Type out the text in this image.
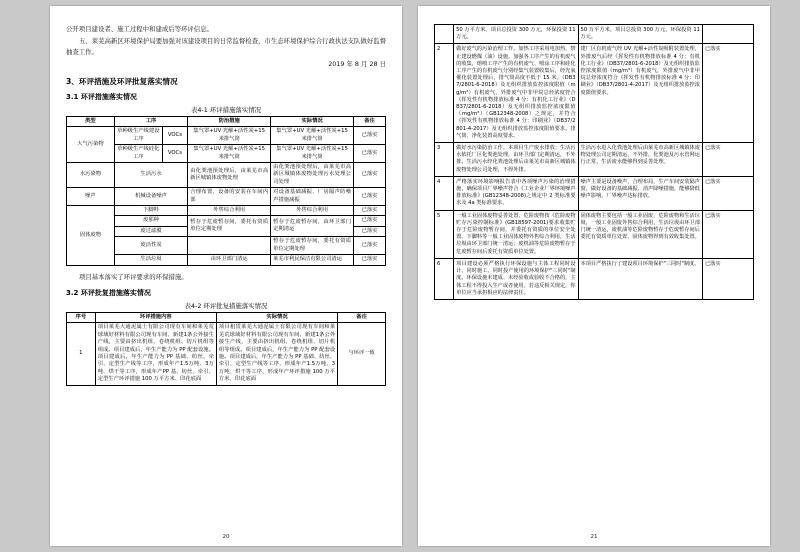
公开项目建设者、施工过程中和建成后等环评信息。

五、莱芜高新区环境保护局要加强对该建设项目的日常监督检查，市生态环境保护综合行政执法支队做好监督抽查工作。

2019 年 8 月 28 日

3、环评措施及环评批复落实情况
3.1 环评措施落实情况
表4-1 环评措施落实情况
类型	工序		防治措施	实际情况	备注
大气污染物	草种级生产线建设工序	VOCs	集气罩+UV 光解+活性炭+15 米排气筒	集气罩+UV 光解+活性炭+15 米排气筒	已落实
	草种级生产线硅化工序	VOCs	集气罩+UV 光解+活性炭+15 米排气筒	集气罩+UV 光解+活性炭+15 米排气筒	已落实
水污染物	生活污水		由化粪池预处理后，由莱芜市高新区城镇体废物处理	由化粪池预处理后，由莱芜市高新区城镇体废物处理污水处理公司处理	已落实
噪声	机械设备噪声		合理布置，设备的安装在车间内部	对设备基础减振、厂房隔声防噪声措施减振	已落实
固体废物	下脚料		外售综合利用	外售综合利用	已落实
	废那种		暂存于危废暂存间，委托有资质单位定期处理	暂存于危废暂存间，由环卫部门定期清运	已落实
	废过滤膜				已落实
	废活性炭			暂存于危废暂存间，委托有资质单位定期处理	已落实
	生活垃圾		由环卫部门清运	莱芜市利民保洁有限公司清运	已落实

项目基本落实了环评要求的环保措施。

3.2 环评批复措施落实情况
表4-2 环评批复措施落实情况
序号	环评措施内容	实际情况	备注
1	项目莱芜大通泥属土有限公司现有车间和莱芜荒球域好材料有限公司现有车间、新建1条公外接生产线，主要由挤出机组、卷绕机组、切片机组等组成。项目建成后，年生产能力为 PP 配套设施。项目建成后，年生产能力为 PP 基础、纺丝、牵引、定型生产线等工序，形成年产1.5万吨、3万吨、烘干等工序，形成年产PP 基、纺丝、牵引、定型生产环评措施 100 万平方米、印花底面	项目租赁莱芜大通泥属土有限公司现有车间和莱芜荒球域好材料有限公司现有车间、新建1条公外接生产线，主要由挤出机组、卷绕机组、切片机组等组成。项目建成后，年生产能力为 PP 配套设施。项目建成后，年生产能力为 PP 基础、纺丝、牵引、定型生产线等工序，形成年产1.5万吨、3万吨、烘干等工序，形成年产环评措施 100 万平方米、印花底面	与环评一致
20
	50 万平方米。项目总投资 300 万元，环保投资 11 万元。	50 万平方米。项目总投资 300 万元，环保投资 11 万元。	
2	做好废气的污染治理工作。加热工序采用电加热，禁止建设燃煤（油）设施。加强各工序产生的有机废气的收集，熔喷工序产生的有机废气、喷涂工序和硅化工序产生的有机废气分别经集气装置收集后，经光氧催化装置处理后，排气筒高度不低于 15 米。（DB37/2801-6-2018）及无组织排放监控浓度限值（mg/m³）有机废气，外排废气中非甲烷总烃浓度符合《挥发性有机物排放标准 4 分：有机化工行业》（DB37/2801-6-2018）及无组织排放监控浓度限值（mg/m³）（GB12348-2008）之规定，并符合《挥发性有机物排放标准 4 分：印刷业》（DB37/2801-4-2017）及无组织排放监控浓度限值要求。排气筒、净化装置高度要求。	建厂区有机废气经 UV 光解+活性炭吸附装置处理，外排废气后经《挥发性有机物排放标准 4 分：有机化工行业》（DB37/2801-6-2018）及无组织排放监控浓度限值（mg/m³）有机废气，外排废气中非甲烷总烃浓度符合《挥发性有机物排放标准 4 分：印刷业》（DB37/2801-4-2017）及无组织排放监控浓度限值要求。	已落实
3	做好水污染防治工作。本项目生产废水排放；生活污水依托厂区化粪池处理，由环卫部门定期清运，不外排。生活污水经化粪池处理后由莱芜市高新区城镇体废物处理公司处理，不得外排。	生活污水进入化粪池处理后由莱芜市高新区城镇体废物处理公司定期清运，不外排。化粪池及污水管网运行正常、生活废水能够得到妥善处理。	已落实
4	严格落实环境影响报告表中各项噪声污染的治理措施，确保项目厂界噪声符合《工业企业厂界环境噪声排放标准》(GB12348-2008)之规定中 2 类标准要求及 4a 类标准要求。	噪声主要是设备噪声，合理布局，生产车间安装隔声窗，做好设备的基础减振、消声降噪措施，能够降低噪声影响，厂界噪声达标排放。	已落实
5	一般工业固体废物妥善处置，危险废物按《危险废物贮存污染控制标准》(GB18597-2001)要求收集贮存于危险废物暂存间，并委托有资质的单位安全处置。下脚料等一般工业固体废物外售综合利用，生活垃圾由环卫部门统一清运；废机油等危险废物暂存于危废暂存间后委托有资质单位处置。	固体废物主要包括一般工业固废、危险废物和生活垃圾，一般工业固废外售综合利用，生活垃圾由环卫部门统一清运，废机油等危险废物暂存于危废暂存间后委托有资质单位处置，固体废物得到有效收集处置。	已落实
6	项目建设必须严格执行环保设施与主体工程同时设计、同时施工、同时投产使用的环境保护"三同时"制度。环保设施未建成、未经验收或验收不合格的，主体工程不得投入生产或者使用。若违反相关规定，你单位应当承担相应的法律责任。	本项目严格执行了建设项目环境保护"三同时"制度。	已落实
21
